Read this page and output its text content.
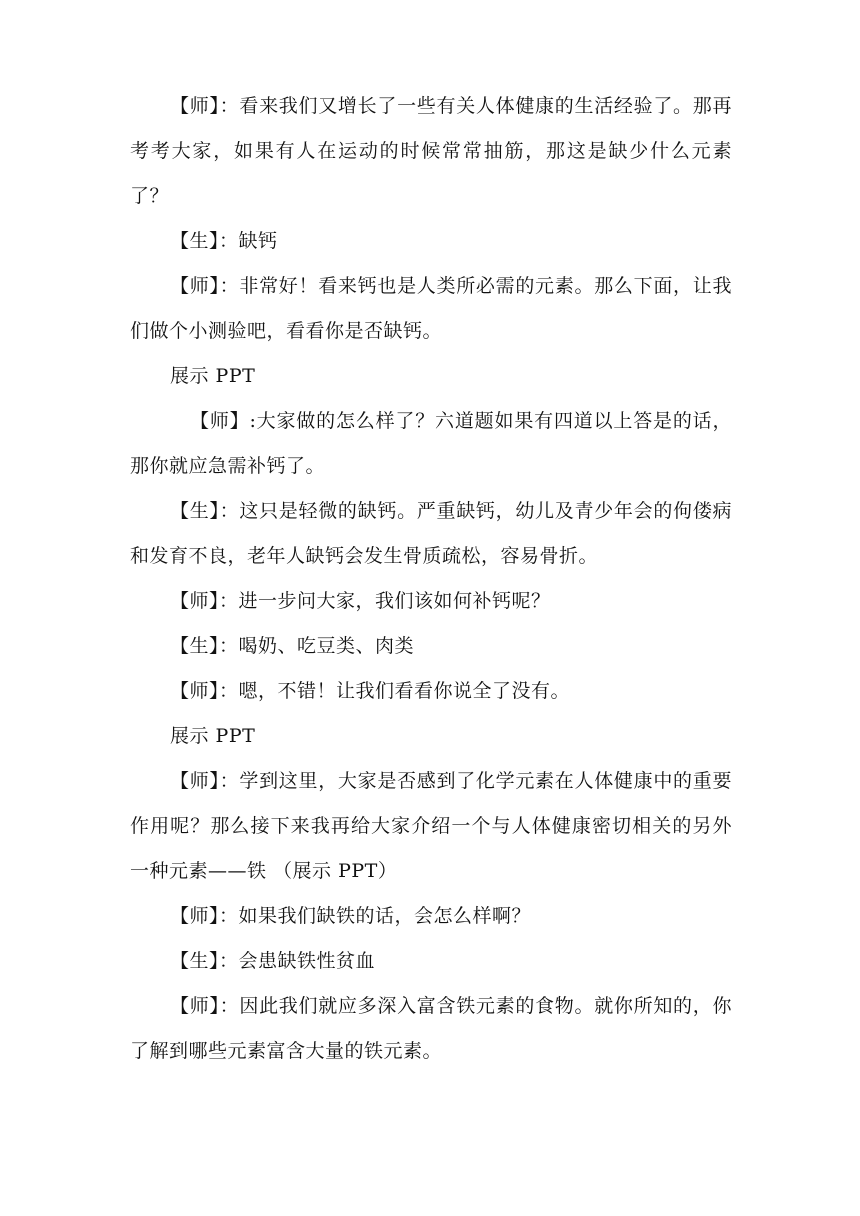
【师】：看来我们又增长了一些有关人体健康的生活经验了。那再考考大家，如果有人在运动的时候常常抽筋，那这是缺少什么元素了？

【生】：缺钙

【师】：非常好！看来钙也是人类所必需的元素。那么下面，让我们做个小测验吧，看看你是否缺钙。

展示 PPT

【师】:大家做的怎么样了？六道题如果有四道以上答是的话，那你就应急需补钙了。

【生】：这只是轻微的缺钙。严重缺钙，幼儿及青少年会的佝偻病和发育不良，老年人缺钙会发生骨质疏松，容易骨折。

【师】：进一步问大家，我们该如何补钙呢？

【生】：喝奶、吃豆类、肉类

【师】：嗯，不错！让我们看看你说全了没有。

展示 PPT

【师】：学到这里，大家是否感到了化学元素在人体健康中的重要作用呢？那么接下来我再给大家介绍一个与人体健康密切相关的另外一种元素——铁 （展示 PPT）

【师】：如果我们缺铁的话，会怎么样啊？

【生】：会患缺铁性贫血

【师】：因此我们就应多深入富含铁元素的食物。就你所知的，你了解到哪些元素富含大量的铁元素。
